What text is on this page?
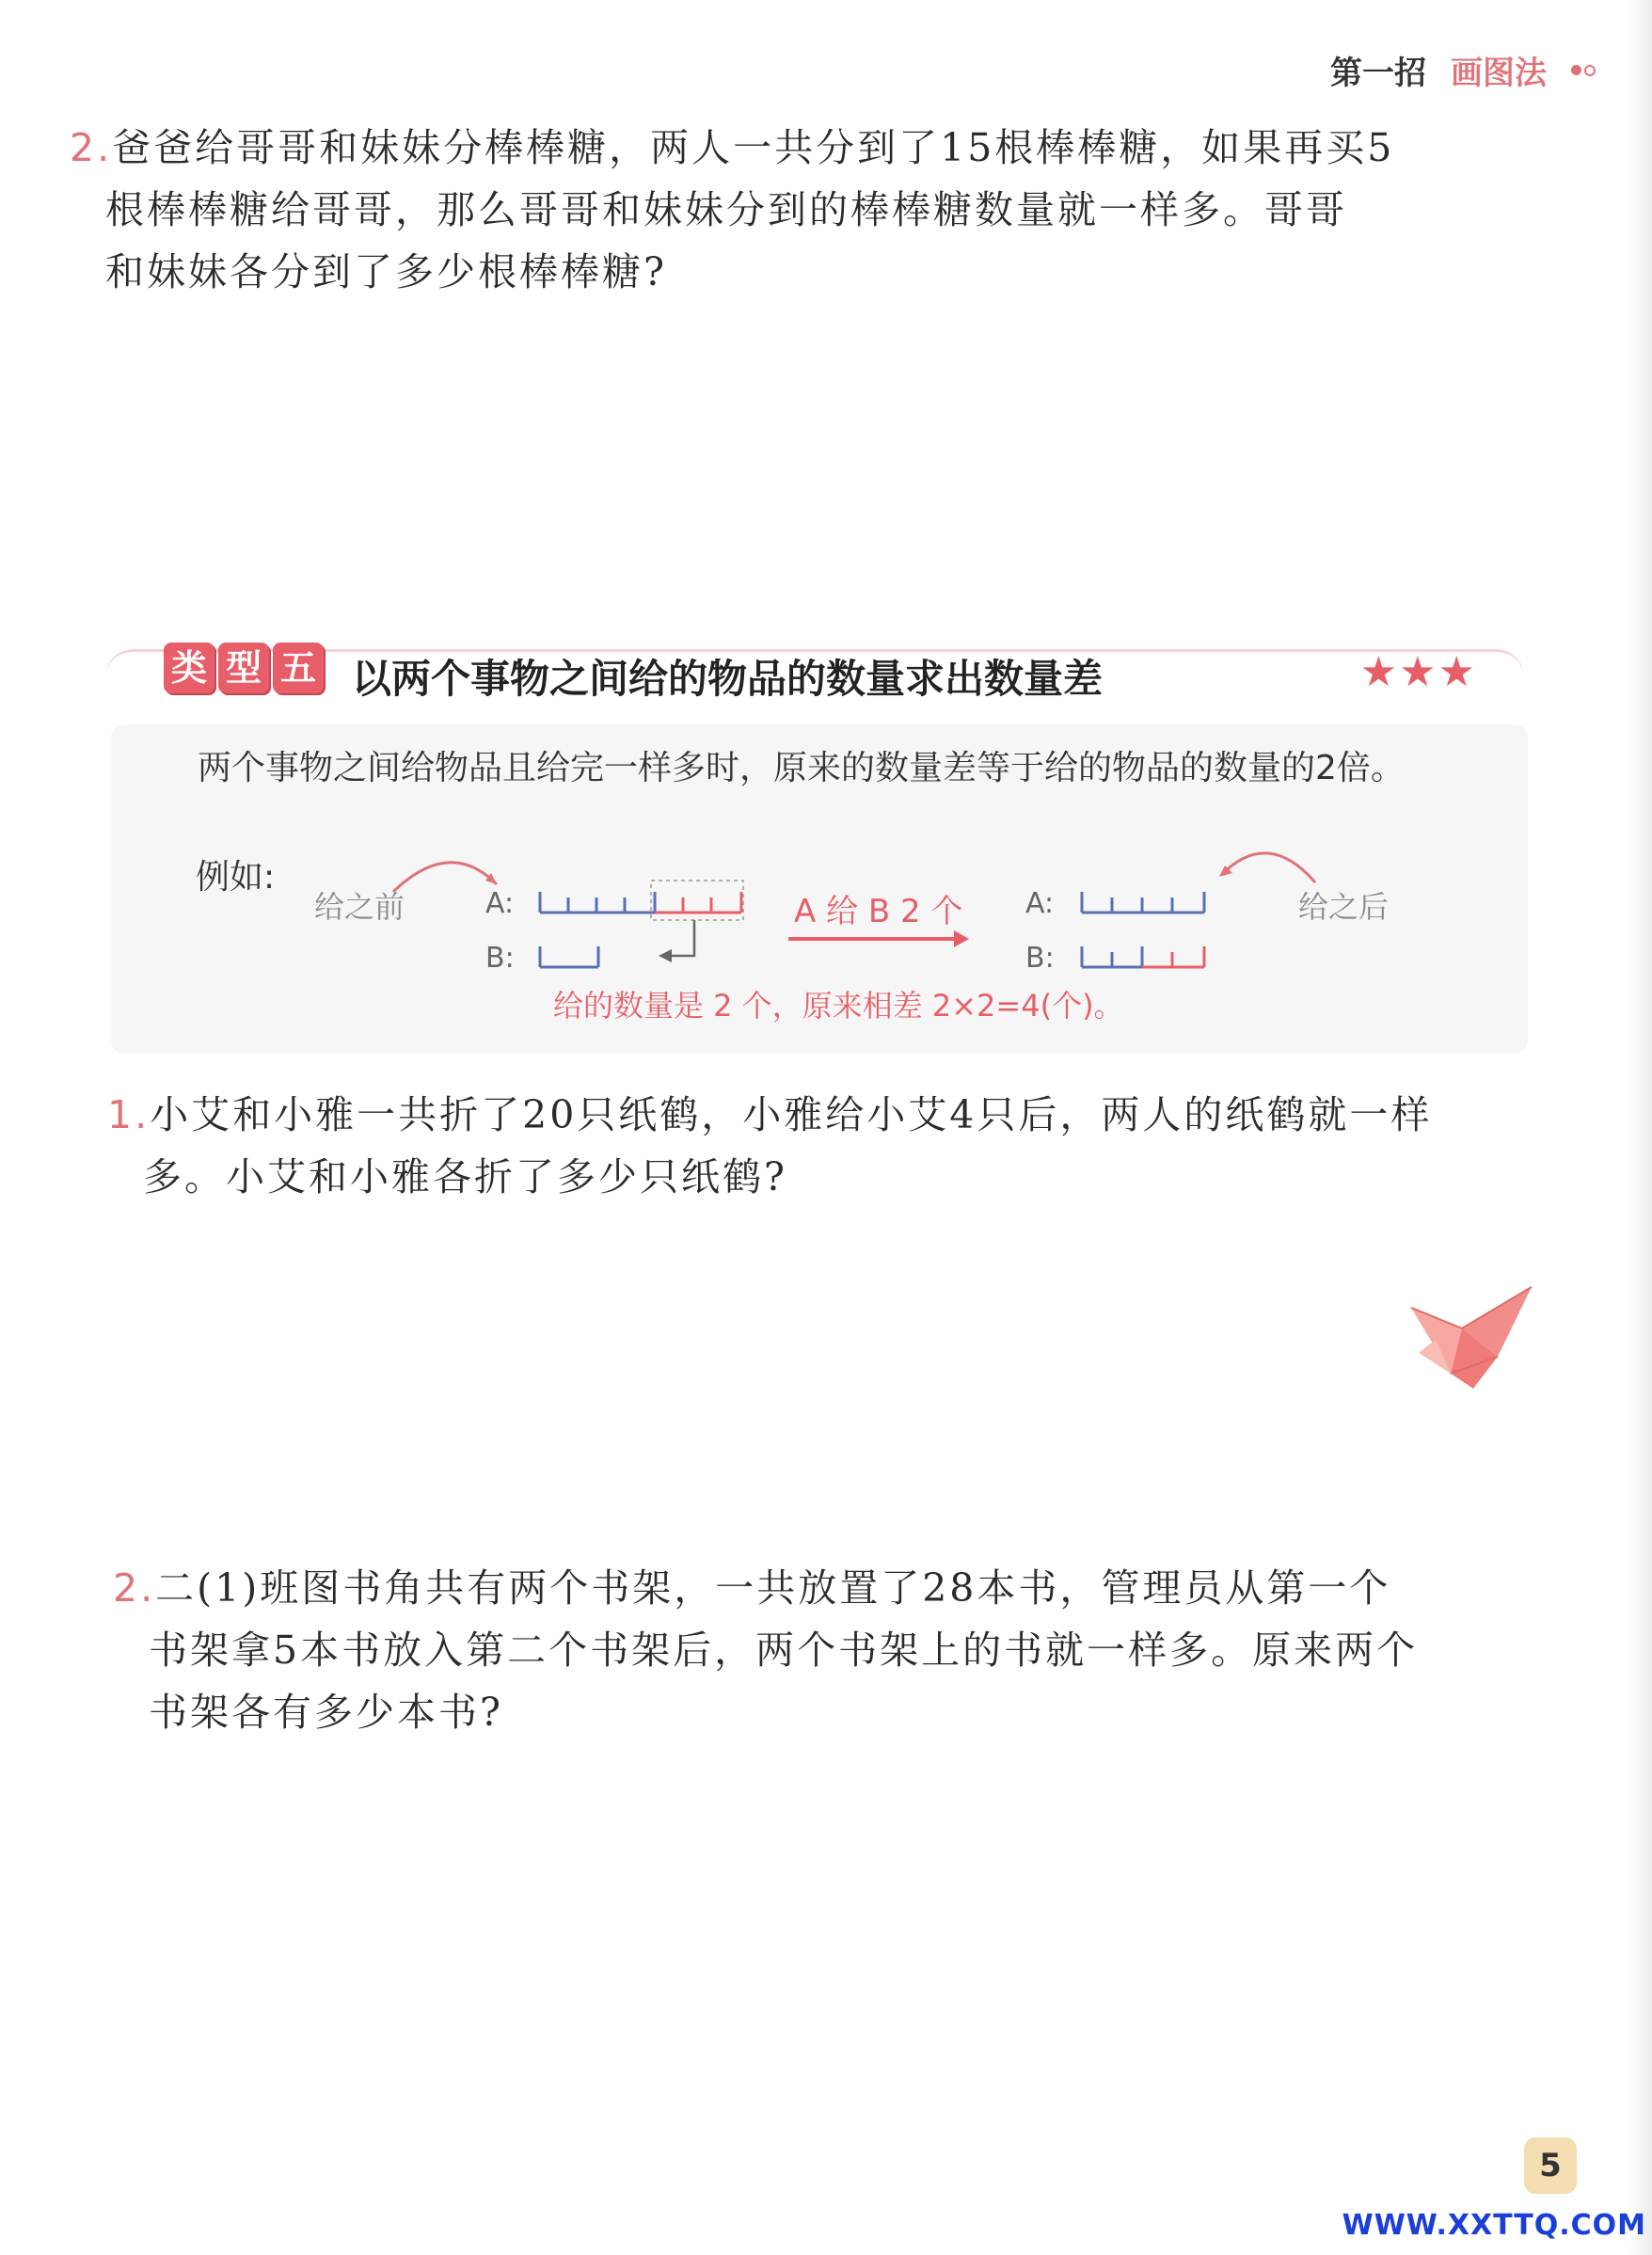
第一招 画图法
2.爸爸给哥哥和妹妹分棒棒糖，两人一共分到了15根棒棒糖，如果再买5
根棒棒糖给哥哥，那么哥哥和妹妹分到的棒棒糖数量就一样多。哥哥
和妹妹各分到了多少根棒棒糖?
类 型 五 以两个事物之间给的物品的数量求出数量差	★★★
两个事物之间给物品且给完一样多时，原来的数量差等于给的物品的数量的2倍。
例如:
给之前	A:
B:
A 给 B 2 个 A:
B:
给之后
给的数量是 2 个，原来相差 2×2=4(个)。
1.小艾和小雅一共折了20只纸鹤，小雅给小艾4只后，两人的纸鹤就一样
多。小艾和小雅各折了多少只纸鹤?
2.二(1)班图书角共有两个书架，一共放置了28本书，管理员从第一个
书架拿5本书放入第二个书架后，两个书架上的书就一样多。原来两个
书架各有多少本书?
5
WWW.XXTTQ.COM
